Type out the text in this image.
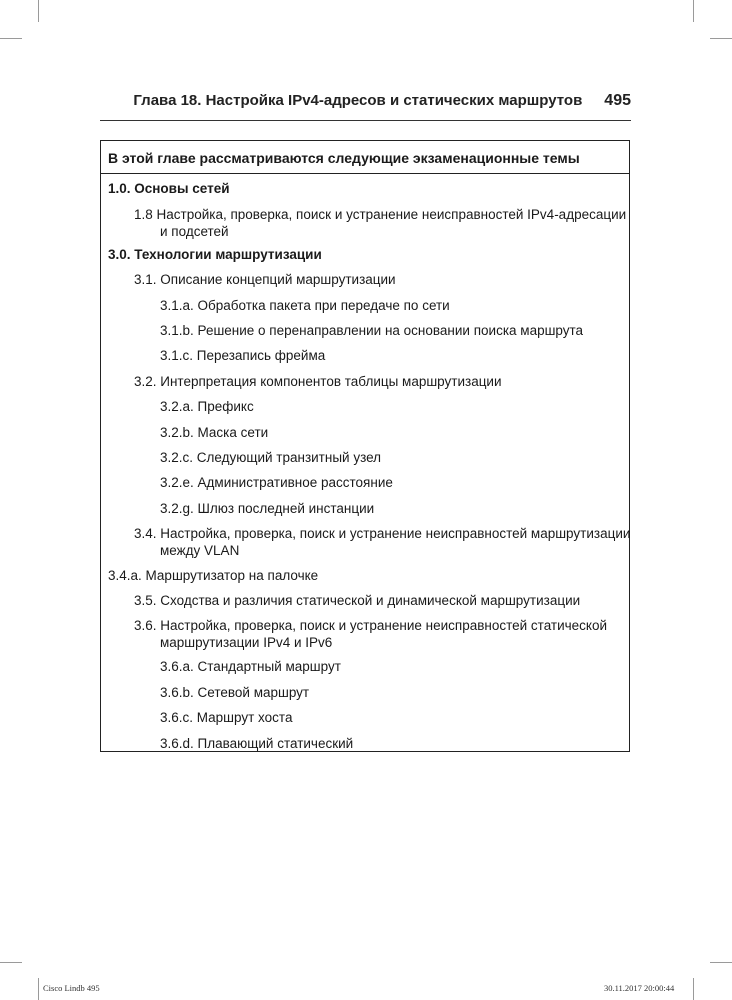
Глава 18. Настройка IPv4-адресов и статических маршрутов 495
В этой главе рассматриваются следующие экзаменационные темы
1.0. Основы сетей
1.8 Настройка, проверка, поиск и устранение неисправностей IPv4-адресации
и подсетей
3.0. Технологии маршрутизации
3.1. Описание концепций маршрутизации
3.1.a. Обработка пакета при передаче по сети
3.1.b. Решение о перенаправлении на основании поиска маршрута
3.1.c. Перезапись фрейма
3.2. Интерпретация компонентов таблицы маршрутизации
3.2.a. Префикс
3.2.b. Маска сети
3.2.c. Следующий транзитный узел
3.2.e. Административное расстояние
3.2.g. Шлюз последней инстанции
3.4. Настройка, проверка, поиск и устранение неисправностей маршрутизации
между VLAN
3.4.a. Маршрутизатор на палочке
3.5. Сходства и различия статической и динамической маршрутизации
3.6. Настройка, проверка, поиск и устранение неисправностей статической
маршрутизации IPv4 и IPv6
3.6.a. Стандартный маршрут
3.6.b. Сетевой маршрут
3.6.c. Маршрут хоста
3.6.d. Плавающий статический
Cisco Lindb 495	30.11.2017 20:00:44
